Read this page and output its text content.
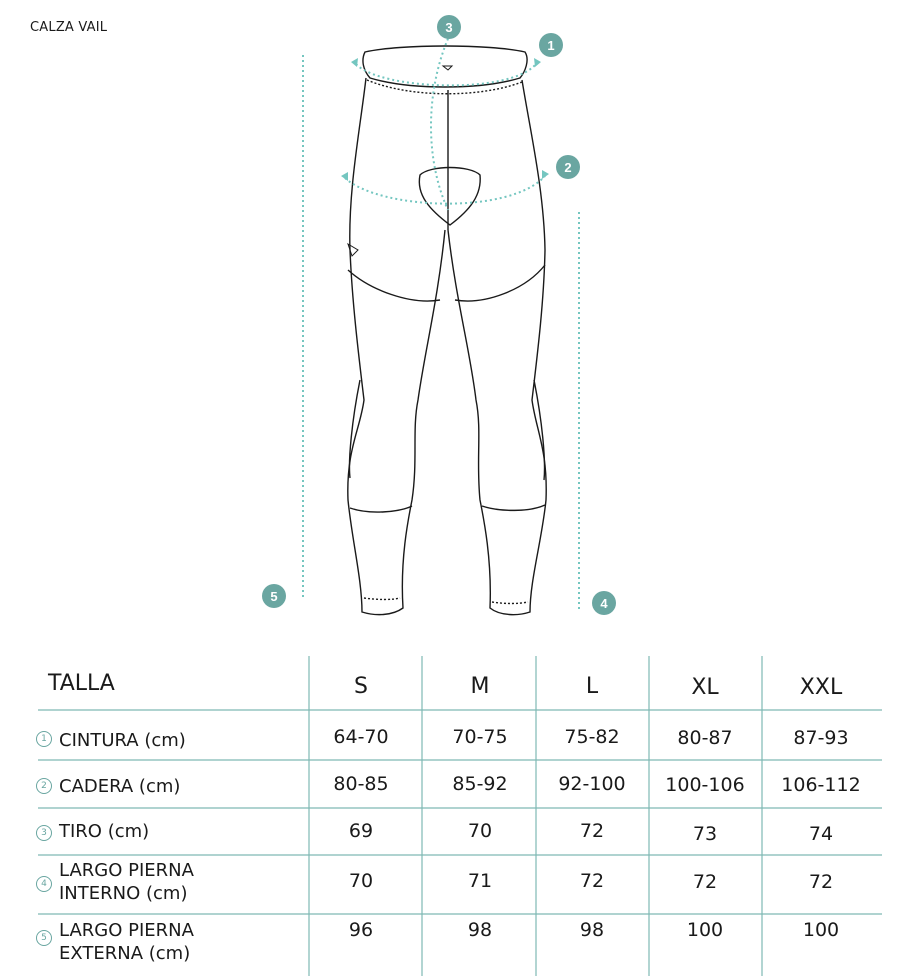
CALZA VAIL	3
1
2
5	4
TALLA	S	M	L	XL	XXL
1 CINTURA (cm)	64-70	70-75	75-82	80-87	87-93
2 CADERA (cm)	80-85	85-92	92-100	100-106	106-112
3 TIRO (cm)	69	70	72	73	74
4
LARGO PIERNA
INTERNO (cm)
70	71	72	72	72
5 LARGO PIERNA
EXTERNA (cm)
96	98	98	100	100
